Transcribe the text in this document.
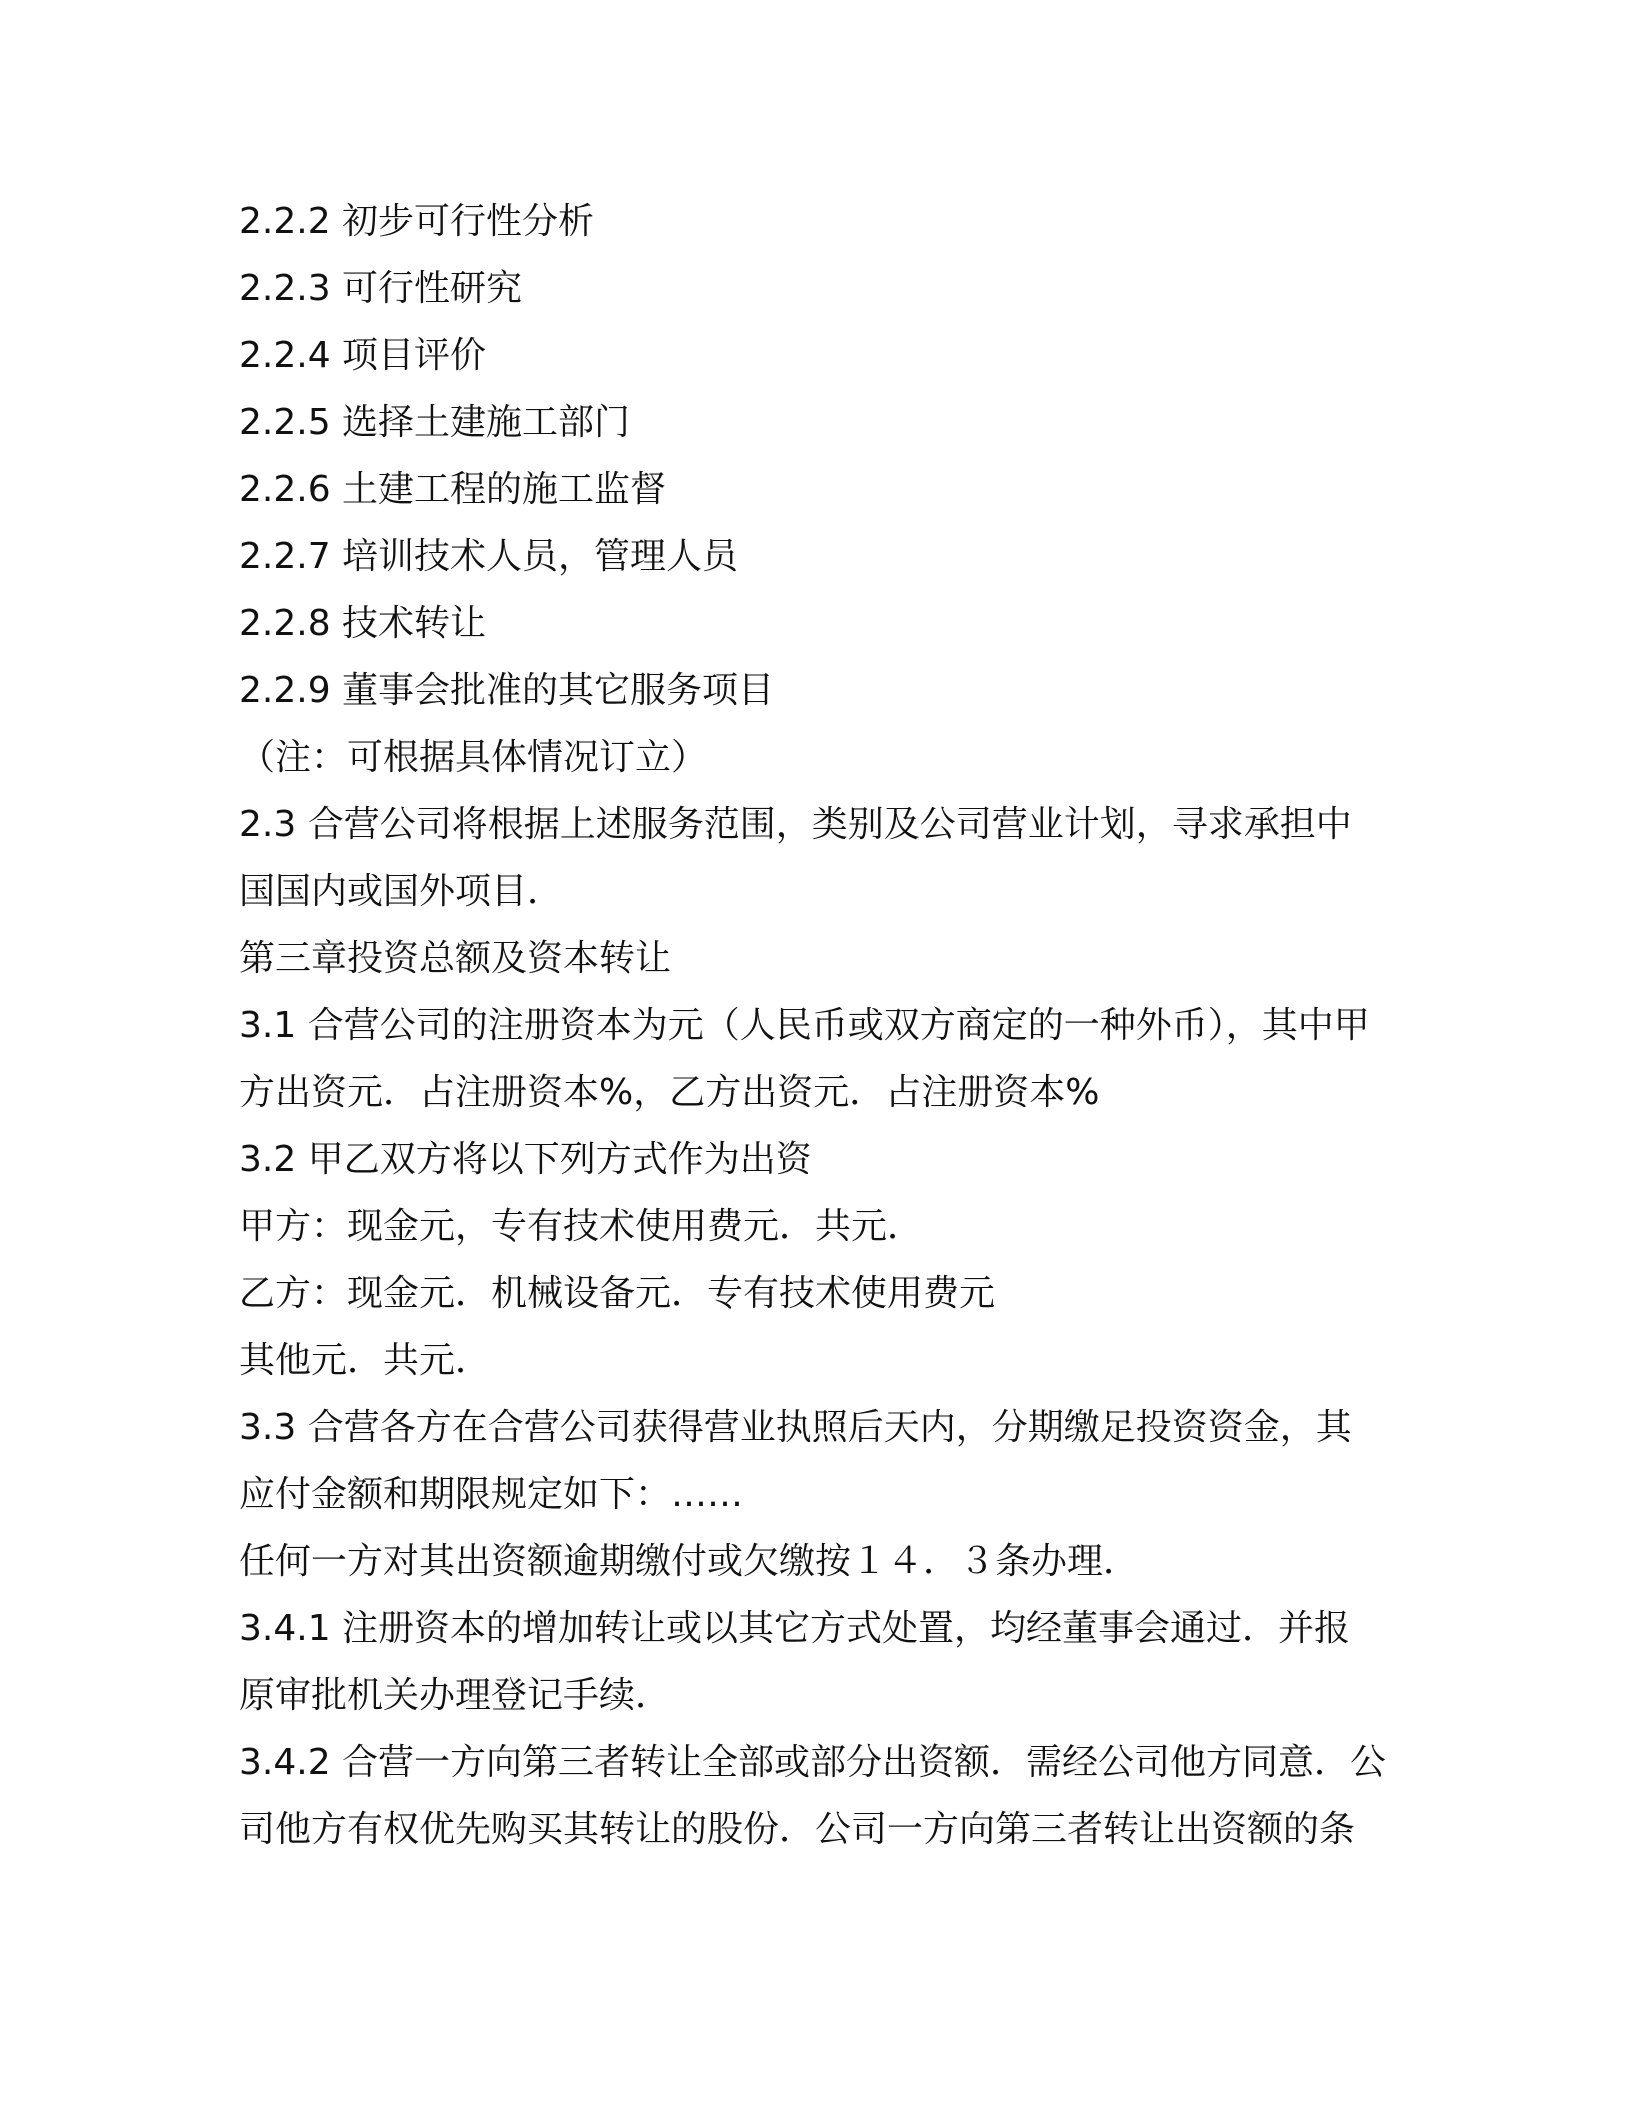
2.2.2 初步可行性分析

2.2.3 可行性研究

2.2.4 项目评价

2.2.5 选择土建施工部门

2.2.6 土建工程的施工监督

2.2.7 培训技术人员，管理人员

2.2.8 技术转让

2.2.9 董事会批准的其它服务项目

（注：可根据具体情况订立）

2.3 合营公司将根据上述服务范围，类别及公司营业计划，寻求承担中

国国内或国外项目．

第三章投资总额及资本转让

3.1 合营公司的注册资本为元（人民币或双方商定的一种外币），其中甲

方出资元．占注册资本%，乙方出资元．占注册资本%

3.2 甲乙双方将以下列方式作为出资

甲方：现金元，专有技术使用费元．共元．

乙方：现金元．机械设备元．专有技术使用费元

其他元．共元．

3.3 合营各方在合营公司获得营业执照后天内，分期缴足投资资金，其

应付金额和期限规定如下：……

任何一方对其出资额逾期缴付或欠缴按１４．３条办理．

3.4.1 注册资本的增加转让或以其它方式处置，均经董事会通过．并报

原审批机关办理登记手续．

3.4.2 合营一方向第三者转让全部或部分出资额．需经公司他方同意．公

司他方有权优先购买其转让的股份．公司一方向第三者转让出资额的条
